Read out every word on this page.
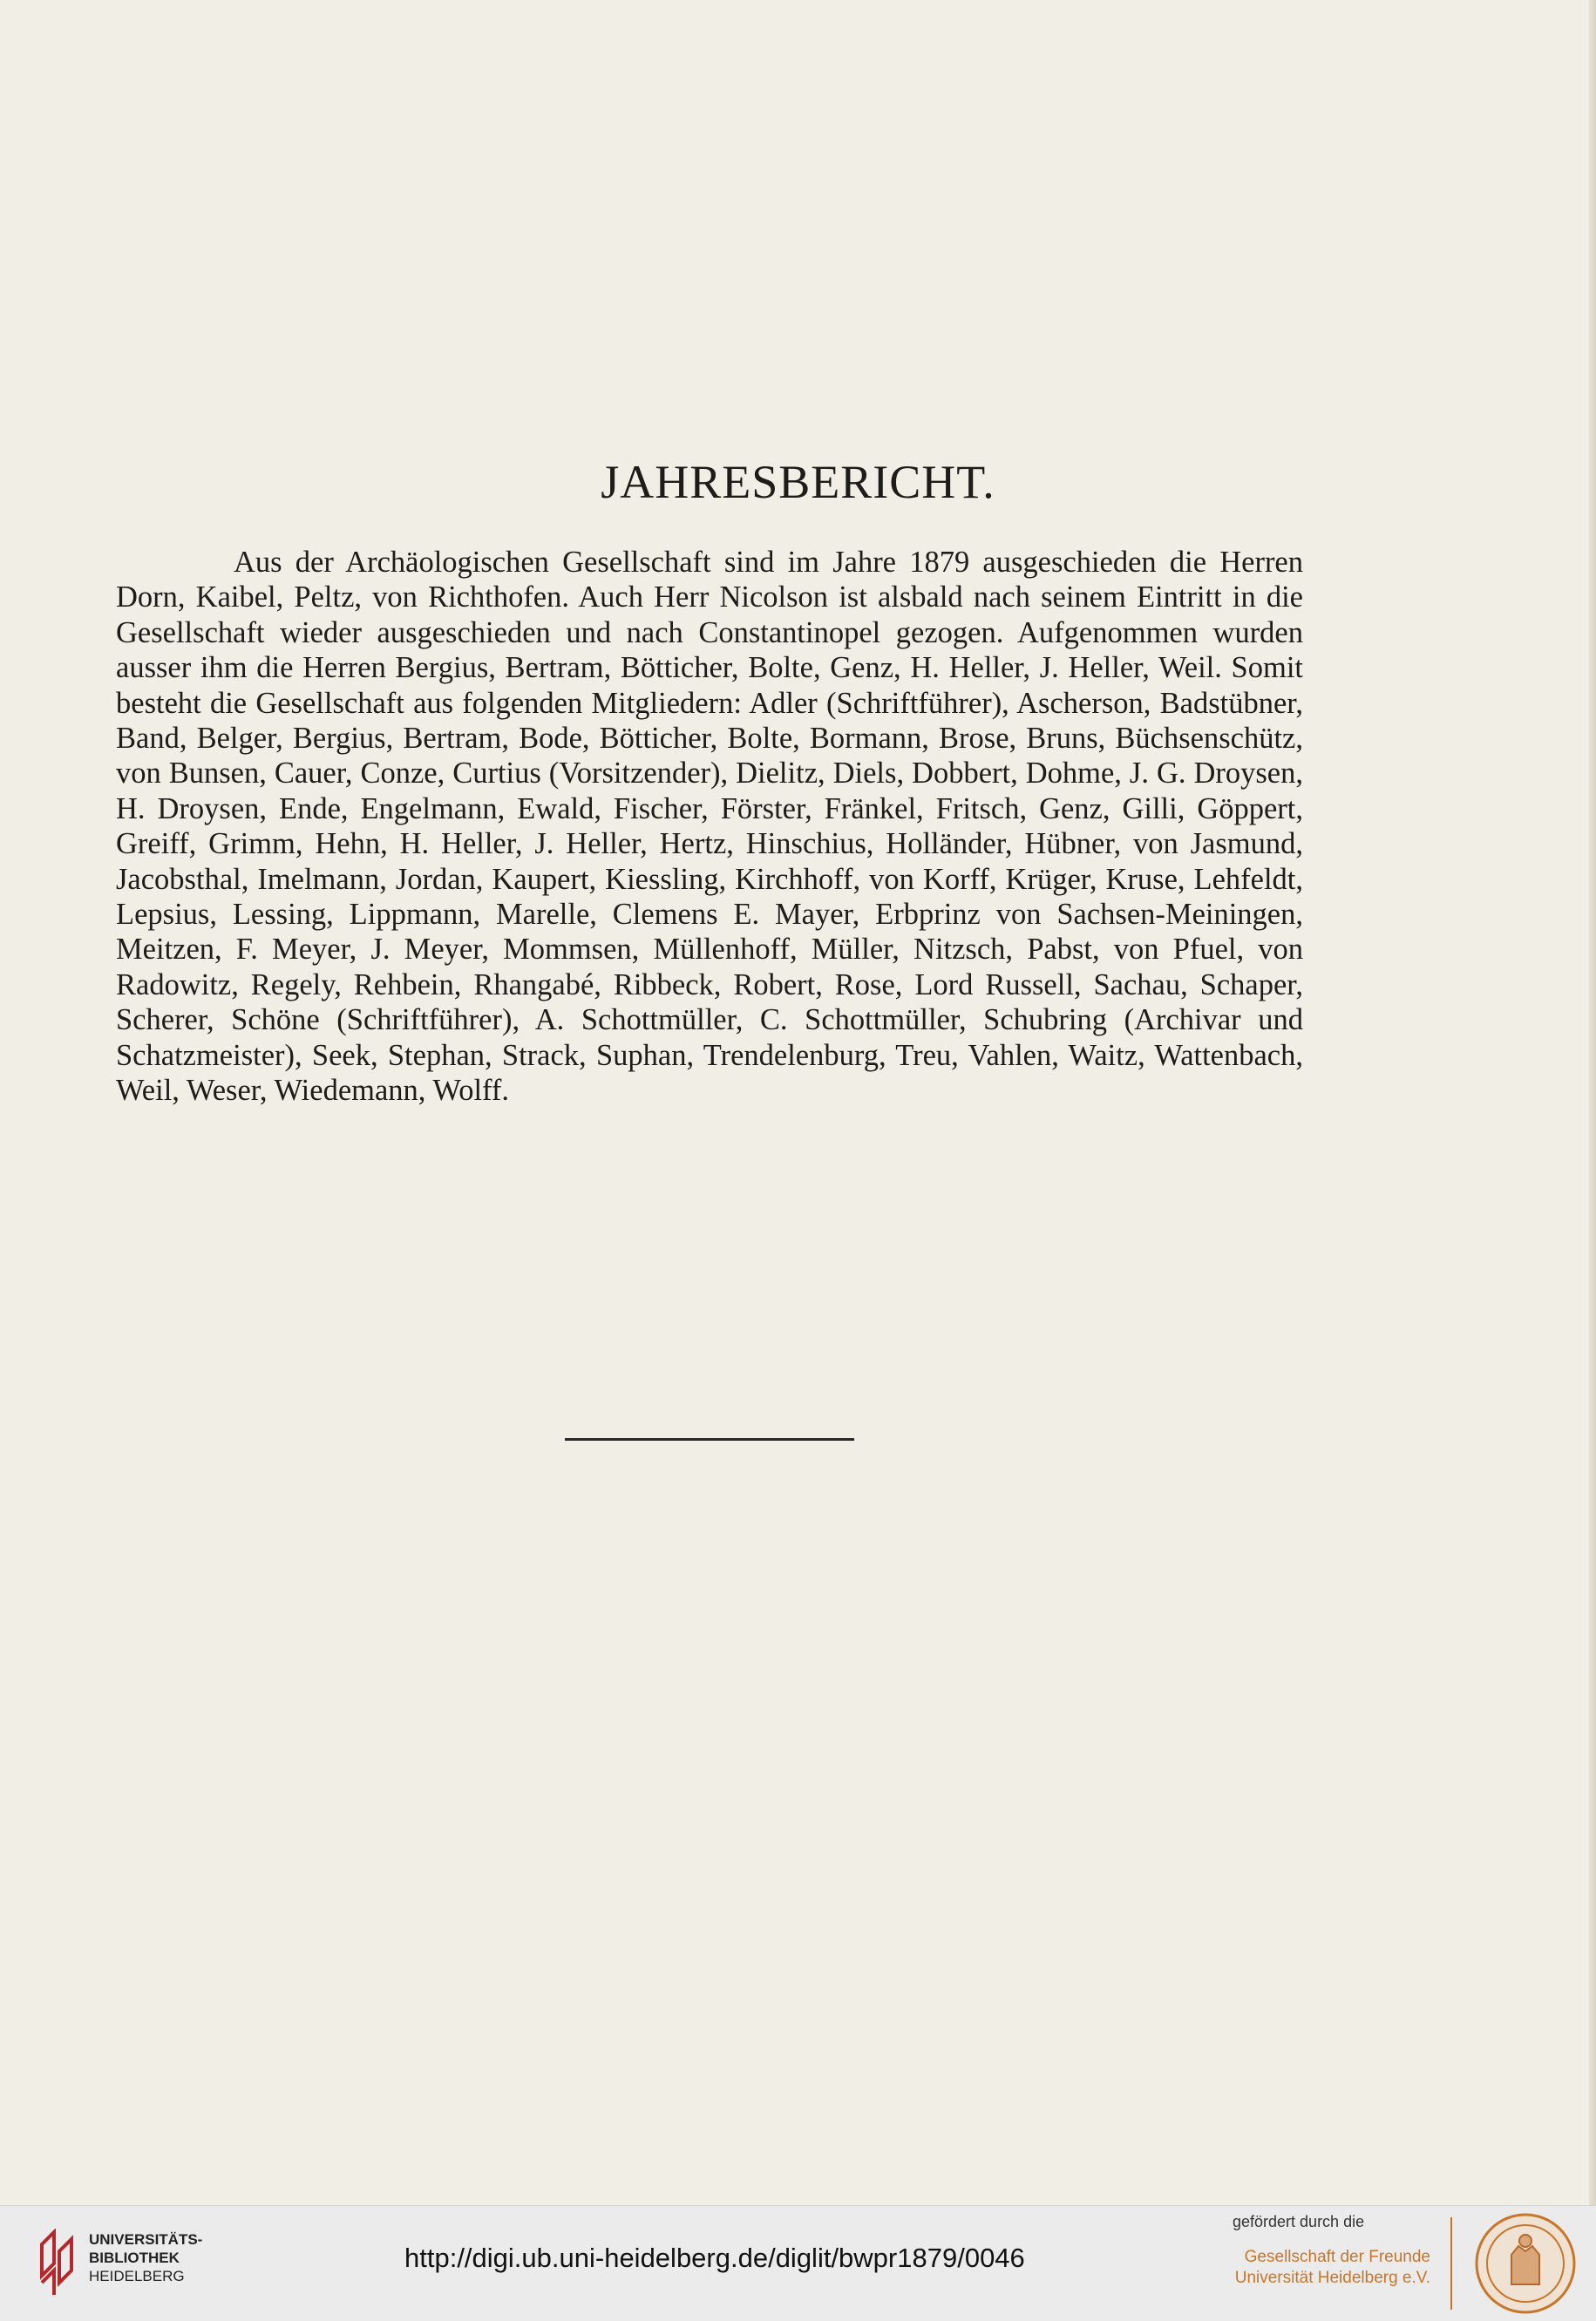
JAHRESBERICHT.
Aus der Archäologischen Gesellschaft sind im Jahre 1879 ausgeschieden die Herren Dorn, Kaibel, Peltz, von Richthofen. Auch Herr Nicolson ist alsbald nach seinem Eintritt in die Gesellschaft wieder ausgeschieden und nach Constantinopel gezogen. Aufgenommen wurden ausser ihm die Herren Bergius, Bertram, Bötticher, Bolte, Genz, H. Heller, J. Heller, Weil. Somit besteht die Gesellschaft aus folgenden Mitgliedern: Adler (Schriftführer), Ascherson, Badstübner, Band, Belger, Bergius, Bertram, Bode, Bötticher, Bolte, Bormann, Brose, Bruns, Büchsenschütz, von Bunsen, Cauer, Conze, Curtius (Vorsitzender), Dielitz, Diels, Dobbert, Dohme, J. G. Droysen, H. Droysen, Ende, Engelmann, Ewald, Fischer, Förster, Fränkel, Fritsch, Genz, Gilli, Göppert, Greiff, Grimm, Hehn, H. Heller, J. Heller, Hertz, Hinschius, Holländer, Hübner, von Jasmund, Jacobsthal, Imelmann, Jordan, Kaupert, Kiessling, Kirchhoff, von Korff, Krüger, Kruse, Lehfeldt, Lepsius, Lessing, Lippmann, Marelle, Clemens E. Mayer, Erbprinz von Sachsen-Meiningen, Meitzen, F. Meyer, J. Meyer, Mommsen, Müllenhoff, Müller, Nitzsch, Pabst, von Pfuel, von Radowitz, Regely, Rehbein, Rhangabé, Ribbeck, Robert, Rose, Lord Russell, Sachau, Schaper, Scherer, Schöne (Schriftführer), A. Schottmüller, C. Schottmüller, Schubring (Archivar und Schatzmeister), Seek, Stephan, Strack, Suphan, Trendelenburg, Treu, Vahlen, Waitz, Wattenbach, Weil, Weser, Wiedemann, Wolff.
UNIVERSITÄTS-
BIBLIOTHEK
HEIDELBERG
http://digi.ub.uni-heidelberg.de/diglit/bwpr1879/0046
gefördert durch die
Gesellschaft der Freunde
Universität Heidelberg e.V.
